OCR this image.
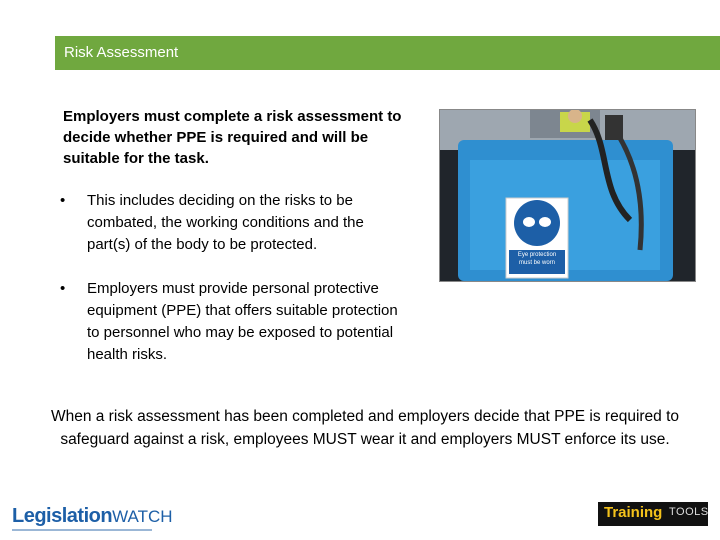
Risk Assessment
Employers must complete a risk assessment to decide whether PPE is required and will be suitable for the task.
• This includes deciding on the risks to be combated, the working conditions and the part(s) of the body to be protected.
• Employers must provide personal protective equipment (PPE) that offers suitable protection to personnel who may be exposed to potential health risks.
Eye protection must be worn
When a risk assessment has been completed and employers decide that PPE is required to safeguard against a risk, employees MUST wear it and employers MUST enforce its use.
LegislationWATCH	Training TOOLS
